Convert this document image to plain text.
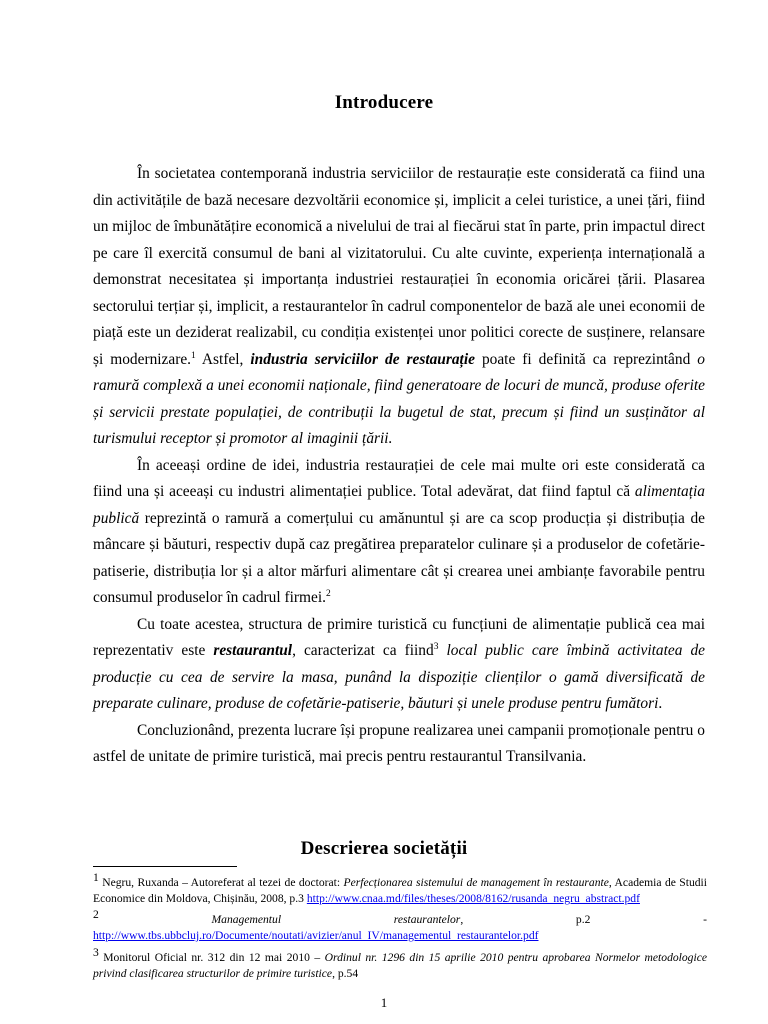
Introducere

În societatea contemporană industria serviciilor de restaurație este considerată ca fiind una din activitățile de bază necesare dezvoltării economice și, implicit a celei turistice, a unei țări, fiind un mijloc de îmbunătățire economică a nivelului de trai al fiecărui stat în parte, prin impactul direct pe care îl exercită consumul de bani al vizitatorului. Cu alte cuvinte, experiența internațională a demonstrat necesitatea și importanța industriei restaurației în economia oricărei țării. Plasarea sectorului terțiar și, implicit, a restaurantelor în cadrul componentelor de bază ale unei economii de piață este un deziderat realizabil, cu condiția existenței unor politici corecte de susținere, relansare și modernizare.$^1$ Astfel, industria serviciilor de restaurație poate fi definită ca reprezintând o ramură complexă a unei economii naționale, fiind generatoare de locuri de muncă, produse oferite și servicii prestate populației, de contribuții la bugetul de stat, precum și fiind un susținător al turismului receptor și promotor al imaginii țării.

În aceeași ordine de idei, industria restaurației de cele mai multe ori este considerată ca fiind una și aceeași cu industri alimentației publice. Total adevărat, dat fiind faptul că alimentația publică reprezintă o ramură a comerțului cu amănuntul și are ca scop producția și distribuția de mâncare și băuturi, respectiv după caz pregătirea preparatelor culinare și a produselor de cofetărie-patiserie, distribuția lor și a altor mărfuri alimentare cât și crearea unei ambianțe favorabile pentru consumul produselor în cadrul firmei.$^2$

Cu toate acestea, structura de primire turistică cu funcțiuni de alimentație publică cea mai reprezentativ este restaurantul, caracterizat ca fiind$^3$ local public care îmbină activitatea de producție cu cea de servire la masa, punând la dispoziție clienților o gamă diversificată de preparate culinare, produse de cofetărie-patiserie, băuturi și unele produse pentru fumători.

Concluzionând, prezenta lucrare își propune realizarea unei campanii promoționale pentru o astfel de unitate de primire turistică, mai precis pentru restaurantul Transilvania.

Descrierea societății

$^1$ Negru, Ruxanda – Autoreferat al tezei de doctorat: Perfecționarea sistemului de management în restaurante, Academia de Studii Economice din Moldova, Chișinău, 2008, p.3 http://www.cnaa.md/files/theses/2008/8162/rusanda_negru_abstract.pdf

$^2$ Managementul restaurantelor, p.2 - http://www.tbs.ubbcluj.ro/Documente/noutati/avizier/anul_IV/managementul_restaurantelor.pdf

$^3$ Monitorul Oficial nr. 312 din 12 mai 2010 – Ordinul nr. 1296 din 15 aprilie 2010 pentru aprobarea Normelor metodologice privind clasificarea structurilor de primire turistice, p.54

1
